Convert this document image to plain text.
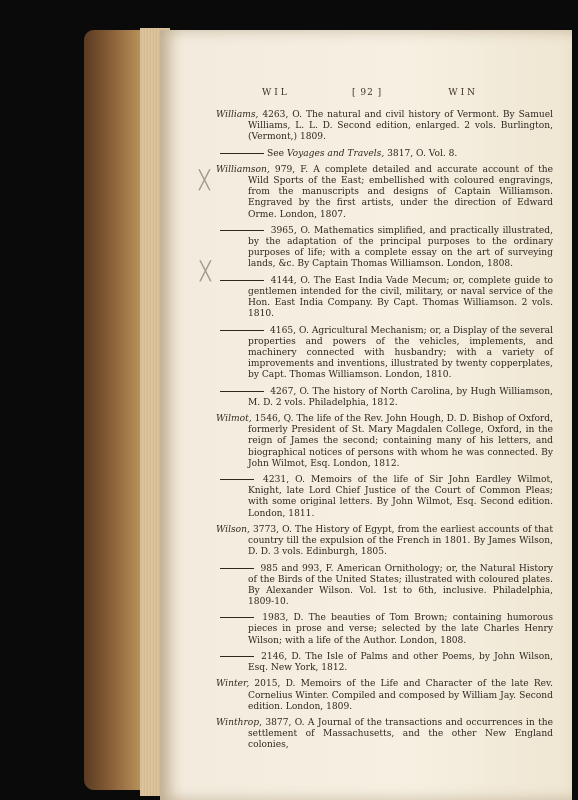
WIL	[ 92 ]	WIN
╳
╳

Williams, 4263, O. The natural and civil history of Vermont. By Samuel Williams, L. L. D. Second edition, enlarged. 2 vols. Burlington, (Vermont,) 1809.

See Voyages and Travels, 3817, O. Vol. 8.

Williamson, 979, F. A complete detailed and accurate account of the Wild Sports of the East; embellished with coloured engravings, from the manuscripts and designs of Captain Williamson. Engraved by the first artists, under the direction of Edward Orme. London, 1807.

3965, O. Mathematics simplified, and practically illustrated, by the adaptation of the principal purposes to the ordinary purposes of life; with a complete essay on the art of surveying lands, &c. By Captain Thomas Williamson. London, 1808.

4144, O. The East India Vade Mecum; or, complete guide to gentlemen intended for the civil, military, or naval service of the Hon. East India Company. By Capt. Thomas Williamson. 2 vols. 1810.

4165, O. Agricultural Mechanism; or, a Display of the several properties and powers of the vehicles, implements, and machinery connected with husbandry; with a variety of improvements and inventions, illustrated by twenty copperplates, by Capt. Thomas Williamson. London, 1810.

4267, O. The history of North Carolina, by Hugh Williamson, M. D. 2 vols. Philadelphia, 1812.

Wilmot, 1546, Q. The life of the Rev. John Hough, D. D. Bishop of Oxford, formerly President of St. Mary Magdalen College, Oxford, in the reign of James the second; containing many of his letters, and biographical notices of persons with whom he was connected. By John Wilmot, Esq. London, 1812.

4231, O. Memoirs of the life of Sir John Eardley Wilmot, Knight, late Lord Chief Justice of the Court of Common Pleas; with some original letters. By John Wilmot, Esq. Second edition. London, 1811.

Wilson, 3773, O. The History of Egypt, from the earliest accounts of that country till the expulsion of the French in 1801. By James Wilson, D. D. 3 vols. Edinburgh, 1805.

985 and 993, F. American Ornithology; or, the Natural History of the Birds of the United States; illustrated with coloured plates. By Alexander Wilson. Vol. 1st to 6th, inclusive. Philadelphia, 1809-10.

1983, D. The beauties of Tom Brown; containing humorous pieces in prose and verse; selected by the late Charles Henry Wilson; with a life of the Author. London, 1808.

2146, D. The Isle of Palms and other Poems, by John Wilson, Esq. New York, 1812.

Winter, 2015, D. Memoirs of the Life and Character of the late Rev. Cornelius Winter. Compiled and composed by William Jay. Second edition. London, 1809.

Winthrop, 3877, O. A Journal of the transactions and occurrences in the settlement of Massachusetts, and the other New England colonies,
